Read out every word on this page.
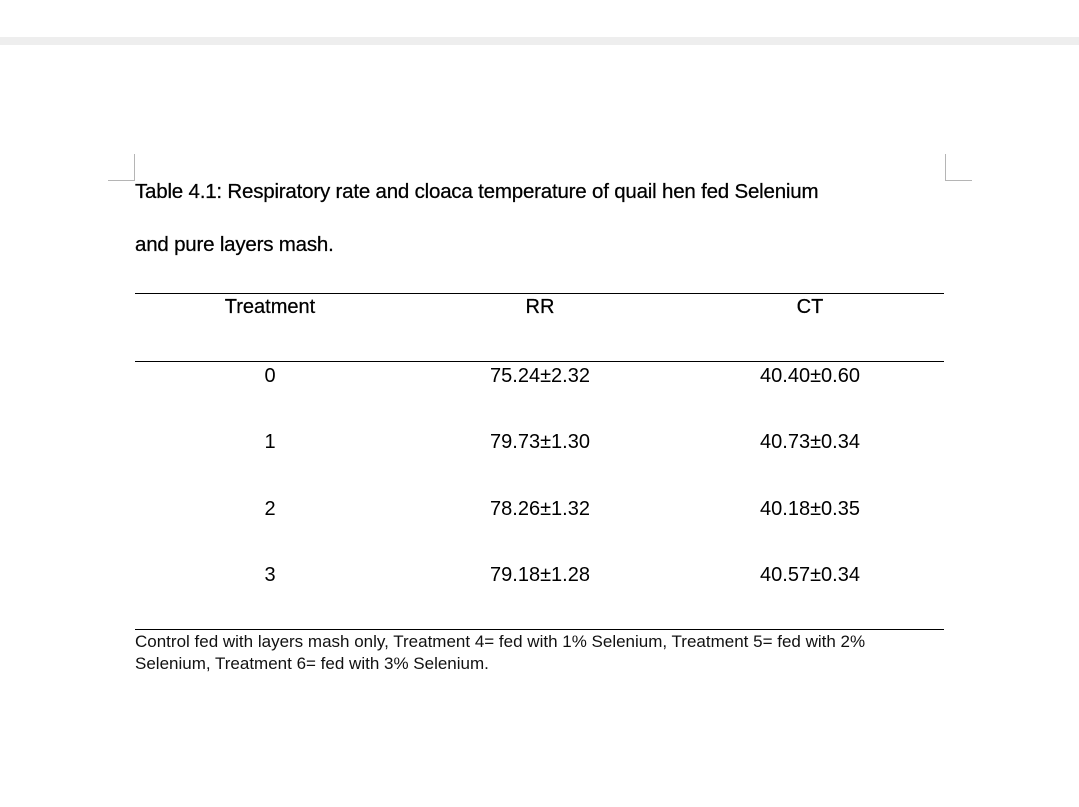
Table 4.1: Respiratory rate and cloaca temperature of quail hen fed Selenium
and pure layers mash.
Treatment	RR	CT
0	75.24±2.32	40.40±0.60
1	79.73±1.30	40.73±0.34
2	78.26±1.32	40.18±0.35
3	79.18±1.28	40.57±0.34
Control fed with layers mash only, Treatment 4= fed with 1% Selenium, Treatment 5= fed with 2%
Selenium, Treatment 6= fed with 3% Selenium.
